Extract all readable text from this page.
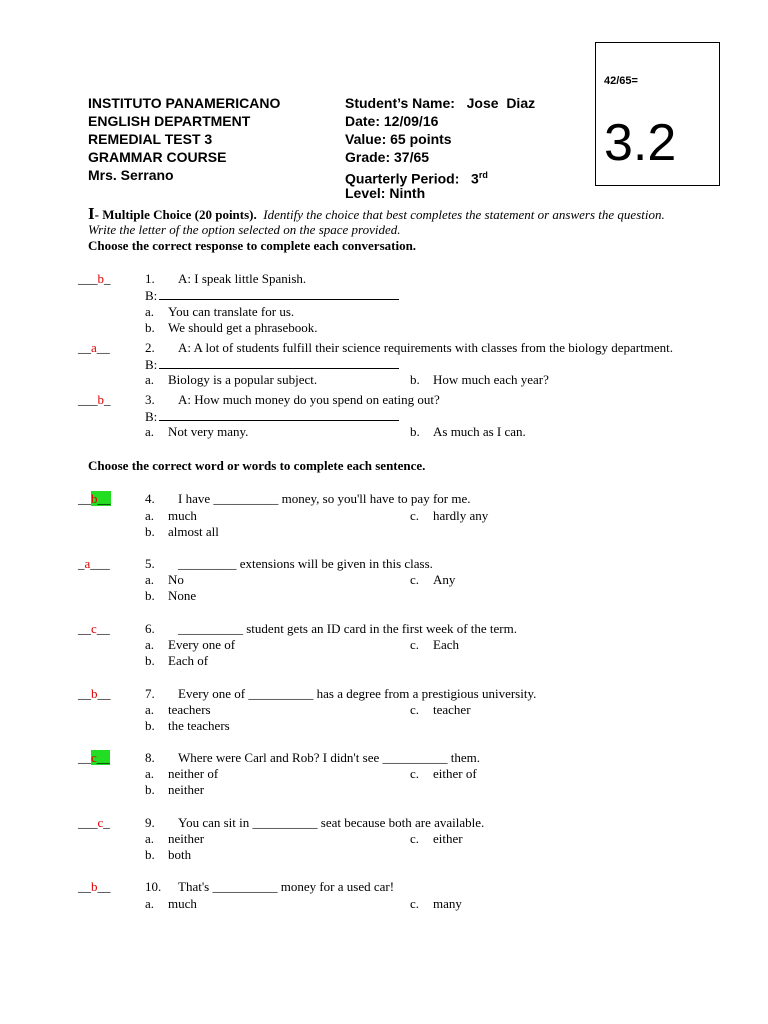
INSTITUTO PANAMERICANO
ENGLISH DEPARTMENT
REMEDIAL TEST 3
GRAMMAR COURSE
Mrs. Serrano
Student’s Name: Jose  Diaz
Date: 12/09/16
Value: 65 points
Grade: 37/65
Quarterly Period: 3rd
Level: Ninth
42/65=
3.2
I- Multiple Choice (20 points). Identify the choice that best completes the statement or answers the question.
Write the letter of the option selected on the space provided.
Choose the correct response to complete each conversation.
___b_	1. A: I speak little Spanish.
B:
a. You can translate for us.
b. We should get a phrasebook.
__a__	2. A: A lot of students fulfill their science requirements with classes from the biology department.
B:
a. Biology is a popular subject.	b. How much each year?
___b_	3. A: How much money do you spend on eating out?
B:
a. Not very many.	b. As much as I can.
Choose the correct word or words to complete each sentence.
__b__	4. I have __________ money, so you'll have to pay for me.
a. much	c. hardly any
b. almost all
_a___	5. _________ extensions will be given in this class.
a. No	c. Any
b. None
__c__	6. __________ student gets an ID card in the first week of the term.
a. Every one of	c. Each
b. Each of
__b__	7. Every one of __________ has a degree from a prestigious university.
a. teachers	c. teacher
b. the teachers
__c__	8. Where were Carl and Rob? I didn't see __________ them.
a. neither of	c. either of
b. neither
___c_	9. You can sit in __________ seat because both are available.
a. neither	c. either
b. both
__b__	10. That's __________ money for a used car!
a. much	c. many
